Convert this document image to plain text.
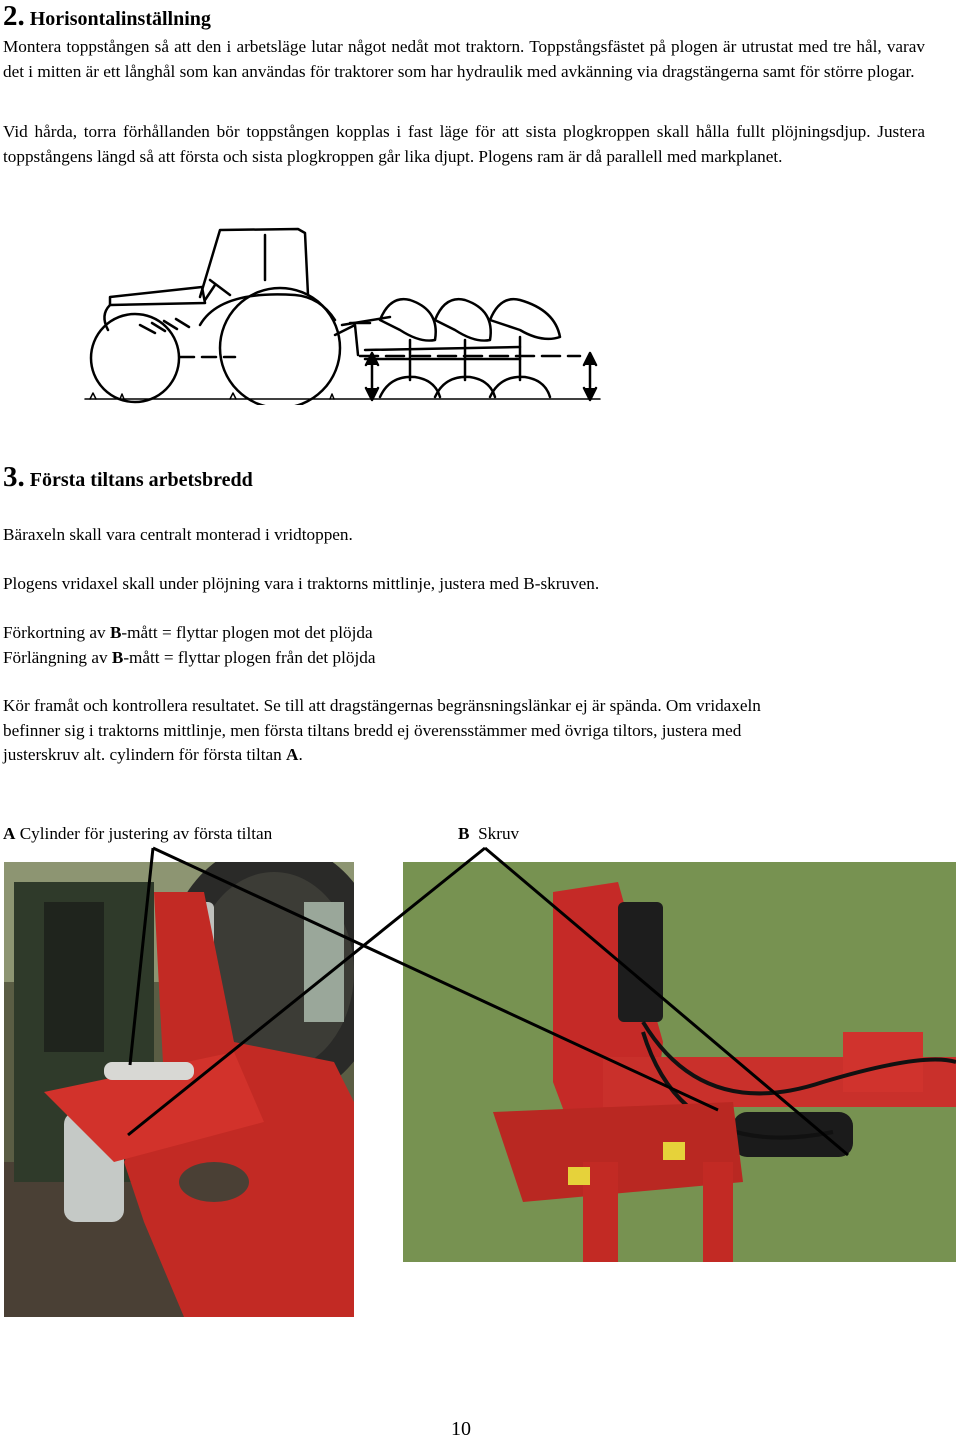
2. Horisontalinställning

Montera toppstången så att den i arbetsläge lutar något nedåt mot traktorn. Toppstångsfästet på plogen är utrustat med tre hål, varav det i mitten är ett långhål som kan användas för traktorer som har hydraulik med avkänning via dragstängerna samt för större plogar.

Vid hårda, torra förhållanden bör toppstången kopplas i fast läge för att sista plogkroppen skall hålla fullt plöjningsdjup. Justera toppstångens längd så att första och sista plogkroppen går lika djupt. Plogens ram är då parallell med markplanet.

3. Första tiltans arbetsbredd

Bäraxeln skall vara centralt monterad i vridtoppen.

Plogens vridaxel skall under plöjning vara i traktorns mittlinje, justera med B-skruven.

Förkortning av B-mått = flyttar plogen mot det plöjda

Förlängning av B-mått = flyttar plogen från det plöjda

Kör framåt och kontrollera resultatet. Se till att dragstängernas begränsningslänkar ej är spända. Om vridaxeln befinner sig i traktorns mittlinje, men första tiltans bredd ej överensstämmer med övriga tiltors, justera med justerskruv alt. cylindern för första tiltan A.

A Cylinder för justering av första tiltan	B  Skruv

10
